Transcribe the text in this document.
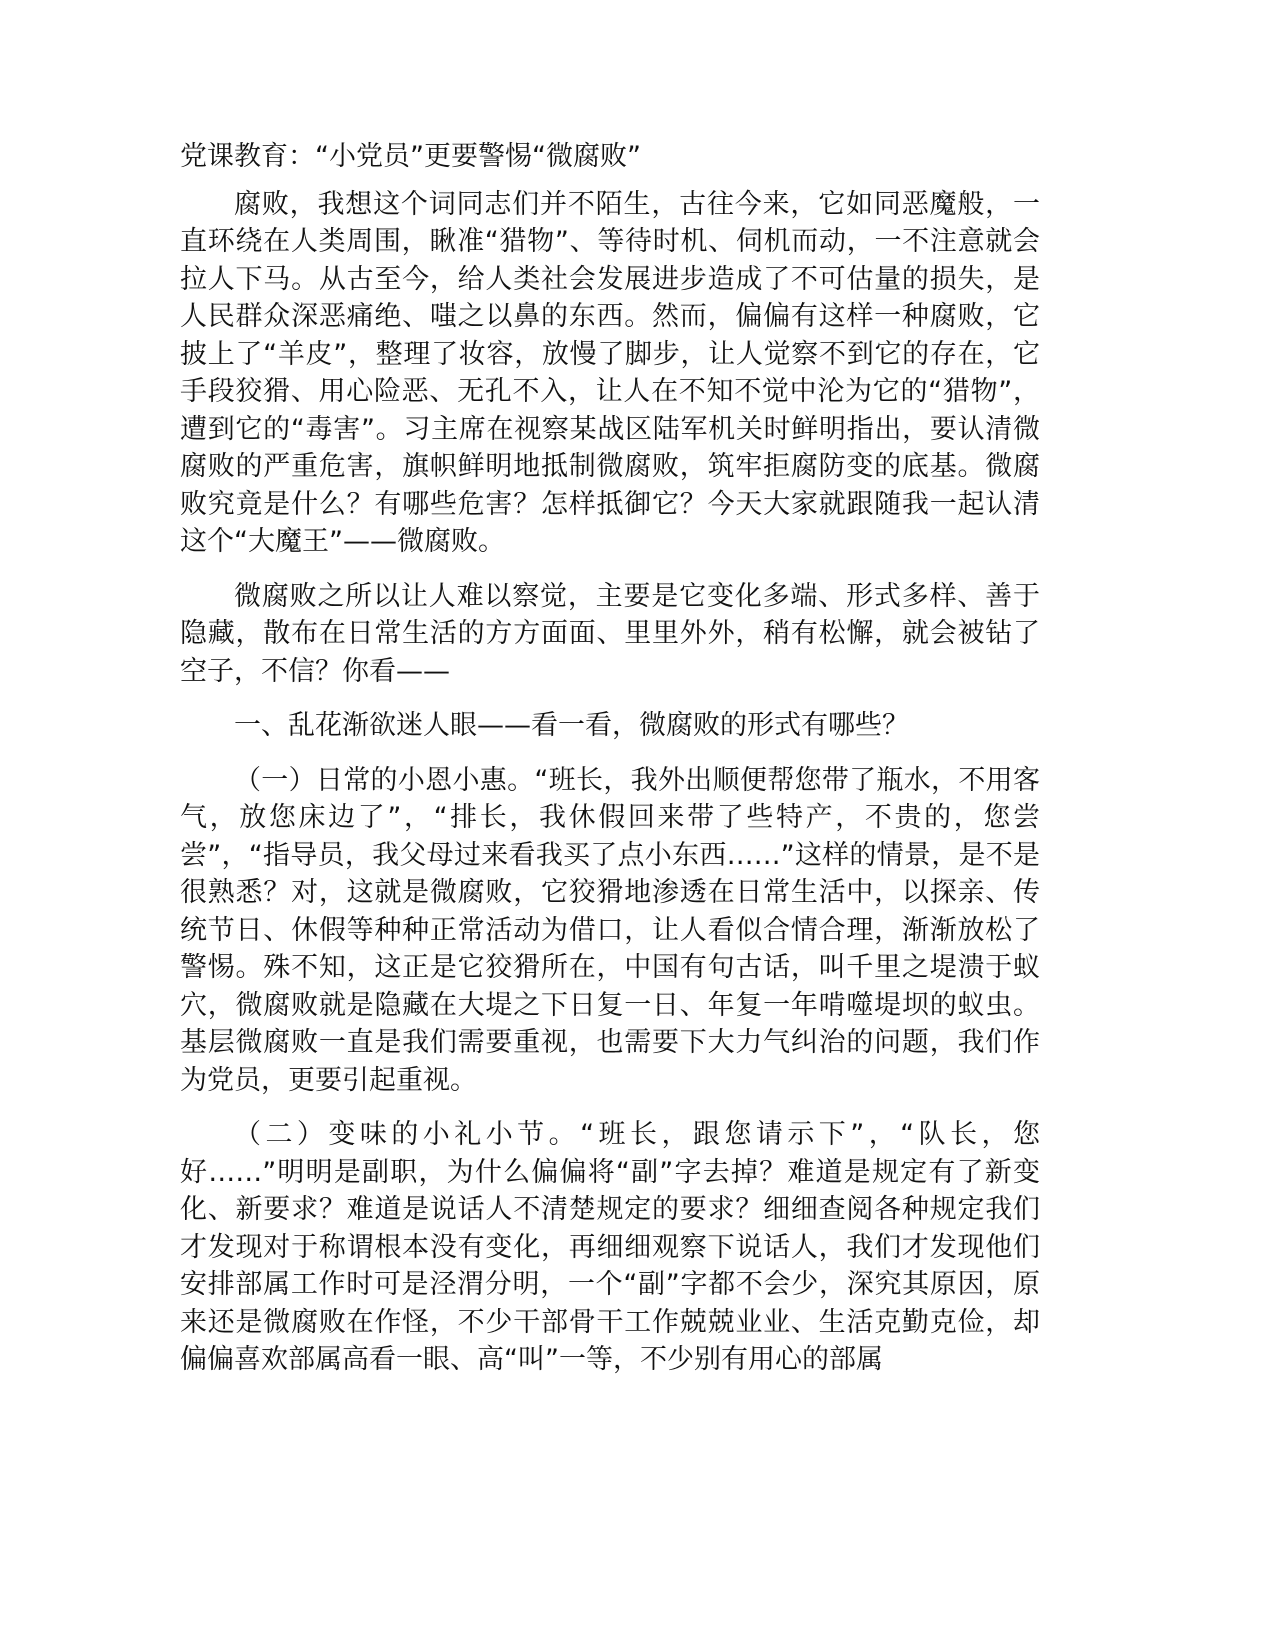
党课教育：“小党员”更要警惕“微腐败”

腐败，我想这个词同志们并不陌生，古往今来，它如同恶魔般，一直环绕在人类周围，瞅准“猎物”、等待时机、伺机而动，一不注意就会拉人下马。从古至今，给人类社会发展进步造成了不可估量的损失，是人民群众深恶痛绝、嗤之以鼻的东西。然而，偏偏有这样一种腐败，它披上了“羊皮”，整理了妆容，放慢了脚步，让人觉察不到它的存在，它手段狡猾、用心险恶、无孔不入，让人在不知不觉中沦为它的“猎物”，遭到它的“毒害”。习主席在视察某战区陆军机关时鲜明指出，要认清微腐败的严重危害，旗帜鲜明地抵制微腐败，筑牢拒腐防变的底基。微腐败究竟是什么？有哪些危害？怎样抵御它？今天大家就跟随我一起认清这个“大魔王”——微腐败。

微腐败之所以让人难以察觉，主要是它变化多端、形式多样、善于隐藏，散布在日常生活的方方面面、里里外外，稍有松懈，就会被钻了空子，不信？你看——

一、乱花渐欲迷人眼——看一看，微腐败的形式有哪些？

（一）日常的小恩小惠。“班长，我外出顺便帮您带了瓶水，不用客气，放您床边了”，“排长，我休假回来带了些特产，不贵的，您尝尝”，“指导员，我父母过来看我买了点小东西……”这样的情景，是不是很熟悉？对，这就是微腐败，它狡猾地渗透在日常生活中，以探亲、传统节日、休假等种种正常活动为借口，让人看似合情合理，渐渐放松了警惕。殊不知，这正是它狡猾所在，中国有句古话，叫千里之堤溃于蚁穴，微腐败就是隐藏在大堤之下日复一日、年复一年啃噬堤坝的蚁虫。基层微腐败一直是我们需要重视，也需要下大力气纠治的问题，我们作为党员，更要引起重视。

（二）变味的小礼小节。“班长，跟您请示下”，“队长，您好……”明明是副职，为什么偏偏将“副”字去掉？难道是规定有了新变化、新要求？难道是说话人不清楚规定的要求？细细查阅各种规定我们才发现对于称谓根本没有变化，再细细观察下说话人，我们才发现他们安排部属工作时可是泾渭分明，一个“副”字都不会少，深究其原因，原来还是微腐败在作怪，不少干部骨干工作兢兢业业、生活克勤克俭，却偏偏喜欢部属高看一眼、高“叫”一等，不少别有用心的部属
